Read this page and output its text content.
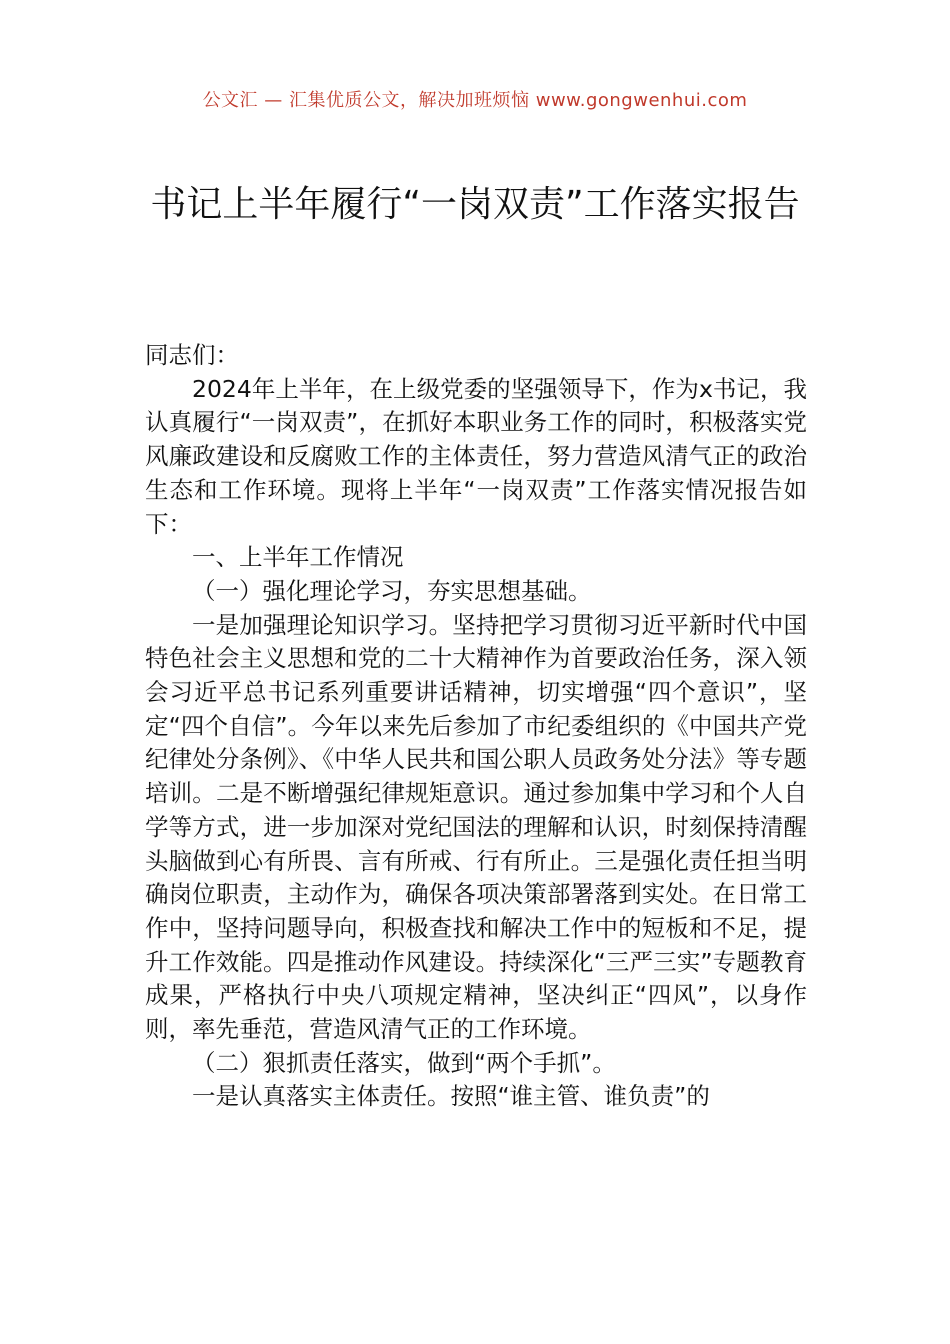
公文汇 — 汇集优质公文，解决加班烦恼 www.gongwenhui.com
书记上半年履行“一岗双责”工作落实报告

同志们：

2024年上半年，在上级党委的坚强领导下，作为x书记，我认真履行“一岗双责”，在抓好本职业务工作的同时，积极落实党风廉政建设和反腐败工作的主体责任，努力营造风清气正的政治生态和工作环境。现将上半年“一岗双责”工作落实情况报告如下：

一、上半年工作情况

（一）强化理论学习，夯实思想基础。

一是加强理论知识学习。坚持把学习贯彻习近平新时代中国特色社会主义思想和党的二十大精神作为首要政治任务，深入领会习近平总书记系列重要讲话精神，切实增强“四个意识”，坚定“四个自信”。今年以来先后参加了市纪委组织的《中国共产党纪律处分条例》、《中华人民共和国公职人员政务处分法》等专题培训。二是不断增强纪律规矩意识。通过参加集中学习和个人自学等方式，进一步加深对党纪国法的理解和认识，时刻保持清醒头脑做到心有所畏、言有所戒、行有所止。三是强化责任担当明确岗位职责，主动作为，确保各项决策部署落到实处。在日常工作中，坚持问题导向，积极查找和解决工作中的短板和不足，提升工作效能。四是推动作风建设。持续深化“三严三实”专题教育成果，严格执行中央八项规定精神，坚决纠正“四风”，以身作则，率先垂范，营造风清气正的工作环境。

（二）狠抓责任落实，做到“两个手抓”。

一是认真落实主体责任。按照“谁主管、谁负责”的
